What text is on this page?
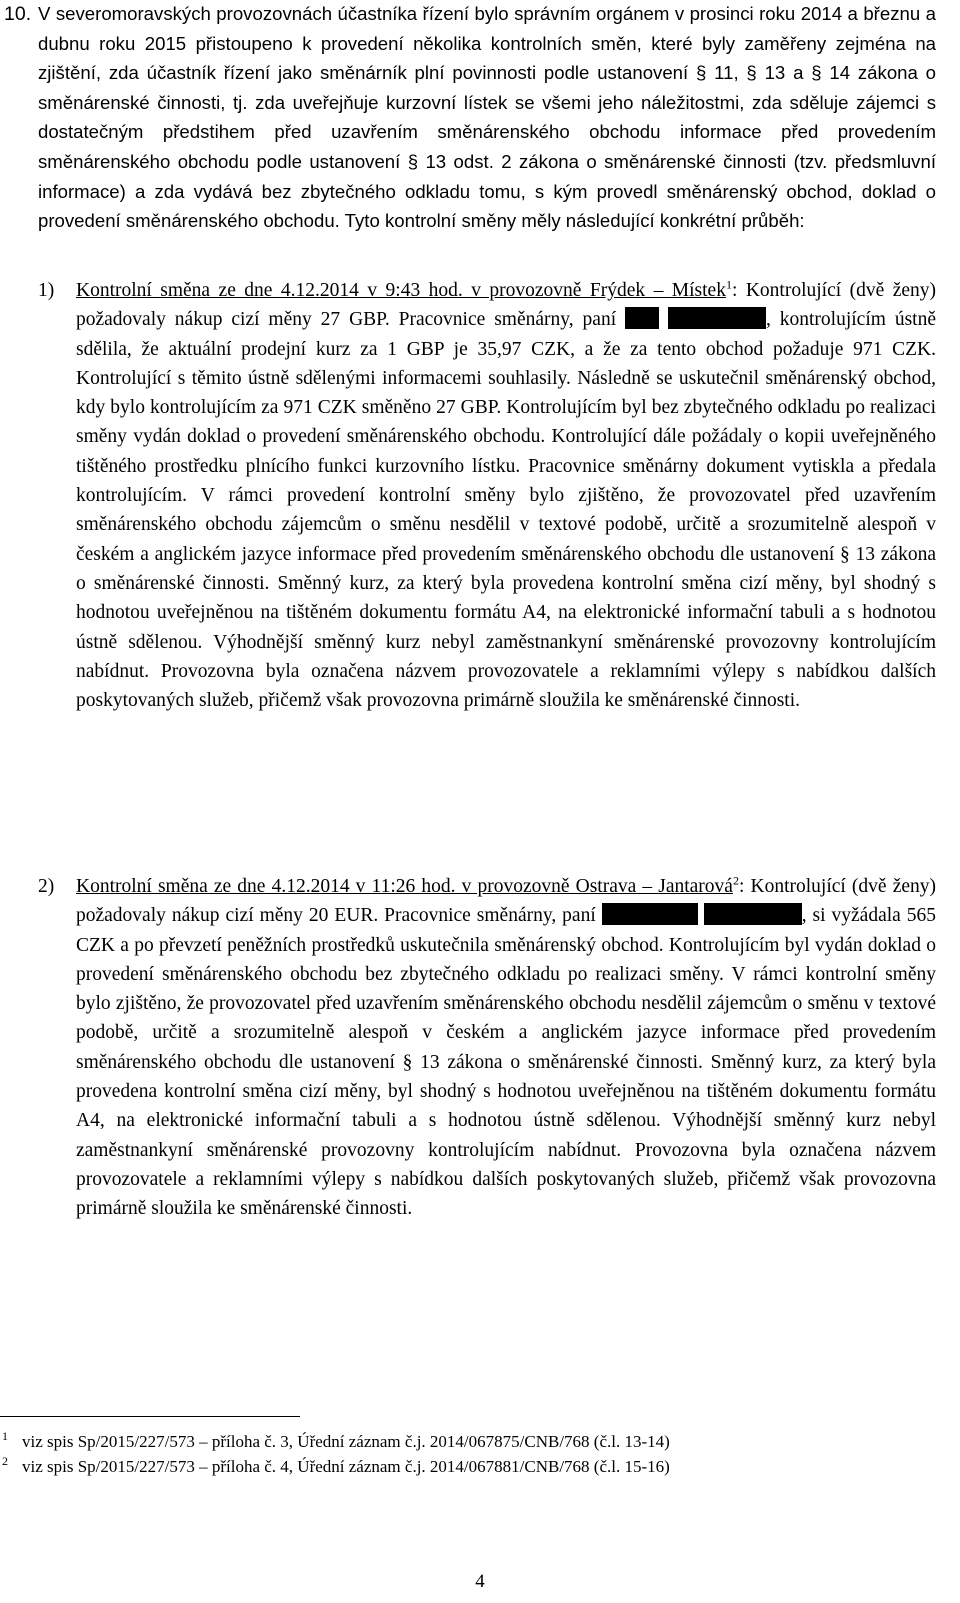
10. V severomoravských provozovnách účastníka řízení bylo správním orgánem v prosinci roku 2014 a březnu a dubnu roku 2015 přistoupeno k provedení několika kontrolních směn, které byly zaměřeny zejména na zjištění, zda účastník řízení jako směnárník plní povinnosti podle ustanovení § 11, § 13 a § 14 zákona o směnárenské činnosti, tj. zda uveřejňuje kurzovní lístek se všemi jeho náležitostmi, zda sděluje zájemci s dostatečným předstihem před uzavřením směnárenského obchodu informace před provedením směnárenského obchodu podle ustanovení § 13 odst. 2 zákona o směnárenské činnosti (tzv. předsmluvní informace) a zda vydává bez zbytečného odkladu tomu, s kým provedl směnárenský obchod, doklad o provedení směnárenského obchodu. Tyto kontrolní směny měly následující konkrétní průběh:

1)	Kontrolní směna ze dne 4.12.2014 v 9:43 hod. v provozovně Frýdek – Místek$^1$: Kontrolující (dvě ženy) požadovaly nákup cizí měny 27 GBP. Pracovnice směnárny, paní	, kontrolujícím ústně sdělila, že aktuální prodejní kurz za 1 GBP je 35,97 CZK, a že za tento obchod požaduje 971 CZK. Kontrolující s těmito ústně sdělenými informacemi souhlasily. Následně se uskutečnil směnárenský obchod, kdy bylo kontrolujícím za 971 CZK směněno 27 GBP. Kontrolujícím byl bez zbytečného odkladu po realizaci směny vydán doklad o provedení směnárenského obchodu. Kontrolující dále požádaly o kopii uveřejněného tištěného prostředku plnícího funkci kurzovního lístku. Pracovnice směnárny dokument vytiskla a předala kontrolujícím. V rámci provedení kontrolní směny bylo zjištěno, že provozovatel před uzavřením směnárenského obchodu zájemcům o směnu nesdělil v textové podobě, určitě a srozumitelně alespoň v českém a anglickém jazyce informace před provedením směnárenského obchodu dle ustanovení § 13 zákona o směnárenské činnosti. Směnný kurz, za který byla provedena kontrolní směna cizí měny, byl shodný s hodnotou uveřejněnou na tištěném dokumentu formátu A4, na elektronické informační tabuli a s hodnotou ústně sdělenou. Výhodnější směnný kurz nebyl zaměstnankyní směnárenské provozovny kontrolujícím nabídnut. Provozovna byla označena názvem provozovatele a reklamními výlepy s nabídkou dalších poskytovaných služeb, přičemž však provozovna primárně sloužila ke směnárenské činnosti.

2)	Kontrolní směna ze dne 4.12.2014 v 11:26 hod. v provozovně Ostrava – Jantarová$^2$: Kontrolující (dvě ženy) požadovaly nákup cizí měny 20 EUR. Pracovnice směnárny, paní	, si vyžádala 565 CZK a po převzetí peněžních prostředků uskutečnila směnárenský obchod. Kontrolujícím byl vydán doklad o provedení směnárenského obchodu bez zbytečného odkladu po realizaci směny. V rámci kontrolní směny bylo zjištěno, že provozovatel před uzavřením směnárenského obchodu nesdělil zájemcům o směnu v textové podobě, určitě a srozumitelně alespoň v českém a anglickém jazyce informace před provedením směnárenského obchodu dle ustanovení § 13 zákona o směnárenské činnosti. Směnný kurz, za který byla provedena kontrolní směna cizí měny, byl shodný s hodnotou uveřejněnou na tištěném dokumentu formátu A4, na elektronické informační tabuli a s hodnotou ústně sdělenou. Výhodnější směnný kurz nebyl zaměstnankyní směnárenské provozovny kontrolujícím nabídnut. Provozovna byla označena názvem provozovatele a reklamními výlepy s nabídkou dalších poskytovaných služeb, přičemž však provozovna primárně sloužila ke směnárenské činnosti.

1 viz spis Sp/2015/227/573 – příloha č. 3, Úřední záznam č.j. 2014/067875/CNB/768 (č.l. 13-14)
2 viz spis Sp/2015/227/573 – příloha č. 4, Úřední záznam č.j. 2014/067881/CNB/768 (č.l. 15-16)
4
